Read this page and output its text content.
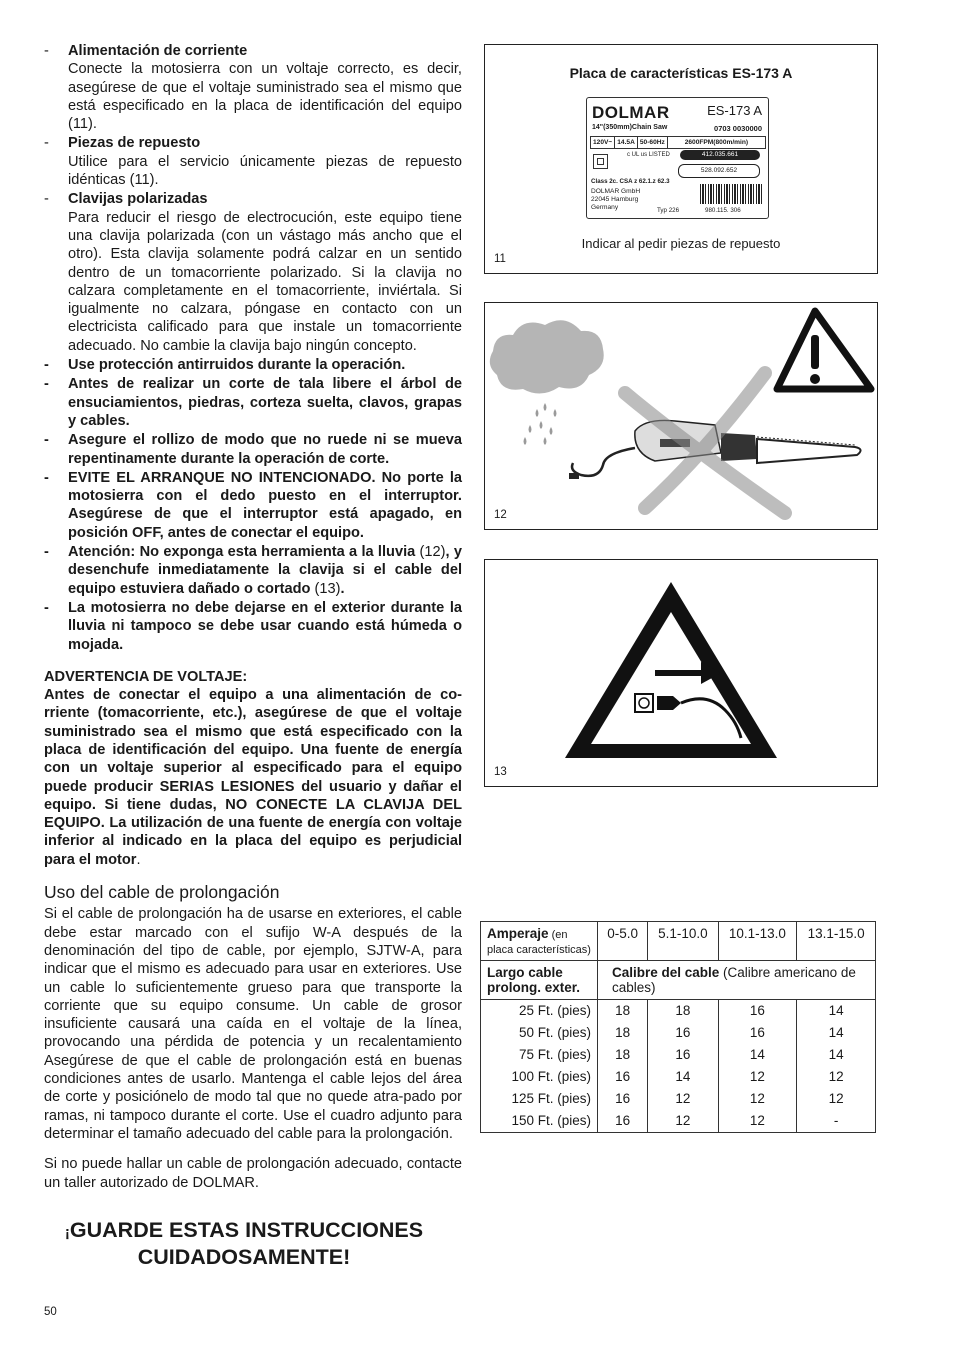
- Alimentación de corriente
Conecte la motosierra con un voltaje correcto, es decir, asegúrese de que el voltaje suministrado sea el mismo que está especificado en la placa de identificación del equipo (11).
- Piezas de repuesto
Utilice para el servicio únicamente piezas de repuesto idénticas (11).
- Clavijas polarizadas
Para reducir el riesgo de electrocución, este equipo tiene una clavija polarizada (con un vástago más ancho que el otro). Esta clavija solamente podrá calzar en un sentido dentro de un tomacorriente polarizado. Si la clavija no calzara completamente en el tomacorriente, inviértala. Si igualmente no calzara, póngase en contacto con un electricista calificado para que instale un tomacorriente adecuado. No cambie la clavija bajo ningún concepto.
- Use protección antirruidos durante la operación.
- Antes de realizar un corte de tala libere el árbol de ensuciamientos, piedras, corteza suelta, clavos, grapas y cables.
- Asegure el rollizo de modo que no ruede ni se mueva repentinamente durante la operación de corte.
- EVITE EL ARRANQUE NO INTENCIONADO. No porte la motosierra con el dedo puesto en el interruptor. Asegúrese de que el interruptor está apagado, en posición OFF, antes de conectar el equipo.
- Atención: No exponga esta herramienta a la lluvia (12), y desenchufe inmediatamente la clavija si el cable del equipo estuviera dañado o cortado (13).
- La motosierra no debe dejarse en el exterior durante la lluvia ni tampoco se debe usar cuando está húmeda o mojada.
ADVERTENCIA DE VOLTAJE:
Antes de conectar el equipo a una alimentación de co-rriente (tomacorriente, etc.), asegúrese de que el voltaje suministrado sea el mismo que está especificado con la placa de identificación del equipo. Una fuente de energía con un voltaje superior al especificado para el equipo puede producir SERIAS LESIONES del usuario y dañar el equipo. Si tiene dudas, NO CONECTE LA CLAVIJA DEL EQUIPO. La utilización de una fuente de energía con voltaje inferior al indicado en la placa del equipo es perjudicial para el motor.
Uso del cable de prolongación

Si el cable de prolongación ha de usarse en exteriores, el cable debe estar marcado con el sufijo W-A después de la denominación del tipo de cable, por ejemplo, SJTW-A, para indicar que el mismo es adecuado para usar en exteriores. Use un cable lo suficientemente grueso para que transporte la corriente que su equipo consume. Un cable de grosor insuficiente causará una caída en el voltaje de la línea, provocando una pérdida de potencia y un recalentamiento Asegúrese de que el cable de prolongación está en buenas condiciones antes de usarlo. Mantenga el cable lejos del área de corte y posiciónelo de modo tal que no quede atra-pado por ramas, ni tampoco durante el corte. Use el cuadro adjunto para determinar el tamaño adecuado del cable para la prolongación.

Si no puede hallar un cable de prolongación adecuado, contacte un taller autorizado de DOLMAR.

¡GUARDE ESTAS INSTRUCCIONES
CUIDADOSAMENTE!
50
Placa de características ES-173 A
DOLMAR	ES-173 A
14"(350mm)Chain Saw	0703 0030000
120V~ 14.5A 50-60Hz	2600FPM(800m/min)
c UL us LISTED	412.035.661
528.092.652
Class 2c. CSA z 62.1.z 62.3
DOLMAR GmbH
22045 Hamburg
Germany	Typ 226	980.115. 306
Indicar al pedir piezas de repuesto
11
12
13
Amperaje (en placa características)	0-5.0	5.1-10.0	10.1-13.0	13.1-15.0
Largo cable prolong. exter.	Calibre del cable (Calibre americano de cables)			
25 Ft. (pies)	18	18	16	14
50 Ft. (pies)	18	16	16	14
75 Ft. (pies)	18	16	14	14
100 Ft. (pies)	16	14	12	12
125 Ft. (pies)	16	12	12	12
150 Ft. (pies)	16	12	12	-
